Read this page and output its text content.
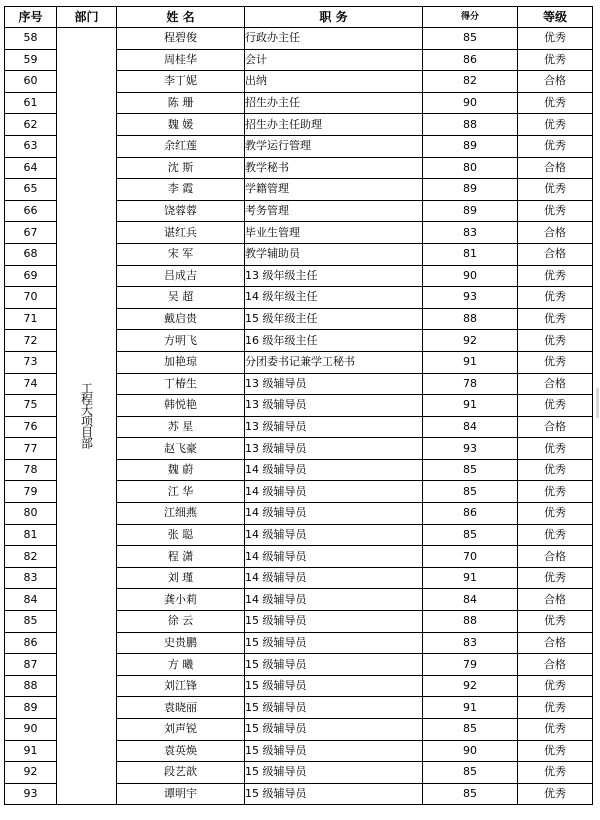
序号	部门	姓 名	职 务	得分	等级
58	工程大项目部	程碧俊	行政办主任	85	优秀
59		周桂华	会计	86	优秀
60		李丁妮	出纳	82	合格
61		陈 珊	招生办主任	90	优秀
62		魏 媛	招生办主任助理	88	优秀
63		余红莲	教学运行管理	89	优秀
64		沈 斯	教学秘书	80	合格
65		李 霞	学籍管理	89	优秀
66		饶蓉蓉	考务管理	89	优秀
67		谌红兵	毕业生管理	83	合格
68		宋 军	教学辅助员	81	合格
69		吕成吉	13 级年级主任	90	优秀
70		吴 超	14 级年级主任	93	优秀
71		戴启贵	15 级年级主任	88	优秀
72		方明飞	16 级年级主任	92	优秀
73		加艳琼	分团委书记兼学工秘书	91	优秀
74		丁椿生	13 级辅导员	78	合格
75		韩悦艳	13 级辅导员	91	优秀
76		苏 星	13 级辅导员	84	合格
77		赵飞豪	13 级辅导员	93	优秀
78		魏 蔚	14 级辅导员	85	优秀
79		江 华	14 级辅导员	85	优秀
80		江细燕	14 级辅导员	86	优秀
81		张 聪	14 级辅导员	85	优秀
82		程 潇	14 级辅导员	70	合格
83		刘 瑾	14 级辅导员	91	优秀
84		龚小莉	14 级辅导员	84	合格
85		徐 云	15 级辅导员	88	优秀
86		史贵鹏	15 级辅导员	83	合格
87		方 曦	15 级辅导员	79	合格
88		刘江锋	15 级辅导员	92	优秀
89		袁晓丽	15 级辅导员	91	优秀
90		刘声锐	15 级辅导员	85	优秀
91		袁英焕	15 级辅导员	90	优秀
92		段艺歆	15 级辅导员	85	优秀
93		谭明宇	15 级辅导员	85	优秀
